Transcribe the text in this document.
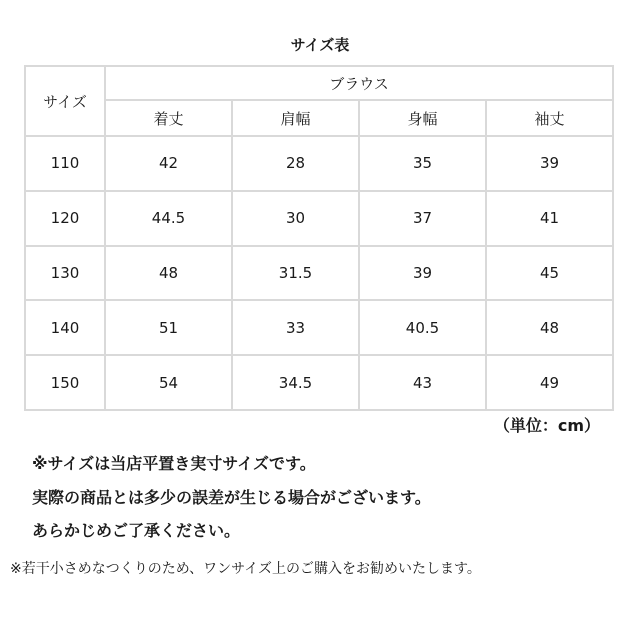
サイズ表
サイズ	ブラウス			
	着丈	肩幅	身幅	袖丈
110	42	28	35	39
120	44.5	30	37	41
130	48	31.5	39	45
140	51	33	40.5	48
150	54	34.5	43	49
（単位：cm）
※サイズは当店平置き実寸サイズです。
実際の商品とは多少の誤差が生じる場合がございます。
あらかじめご了承ください。
※若干小さめなつくりのため、ワンサイズ上のご購入をお勧めいたします。
